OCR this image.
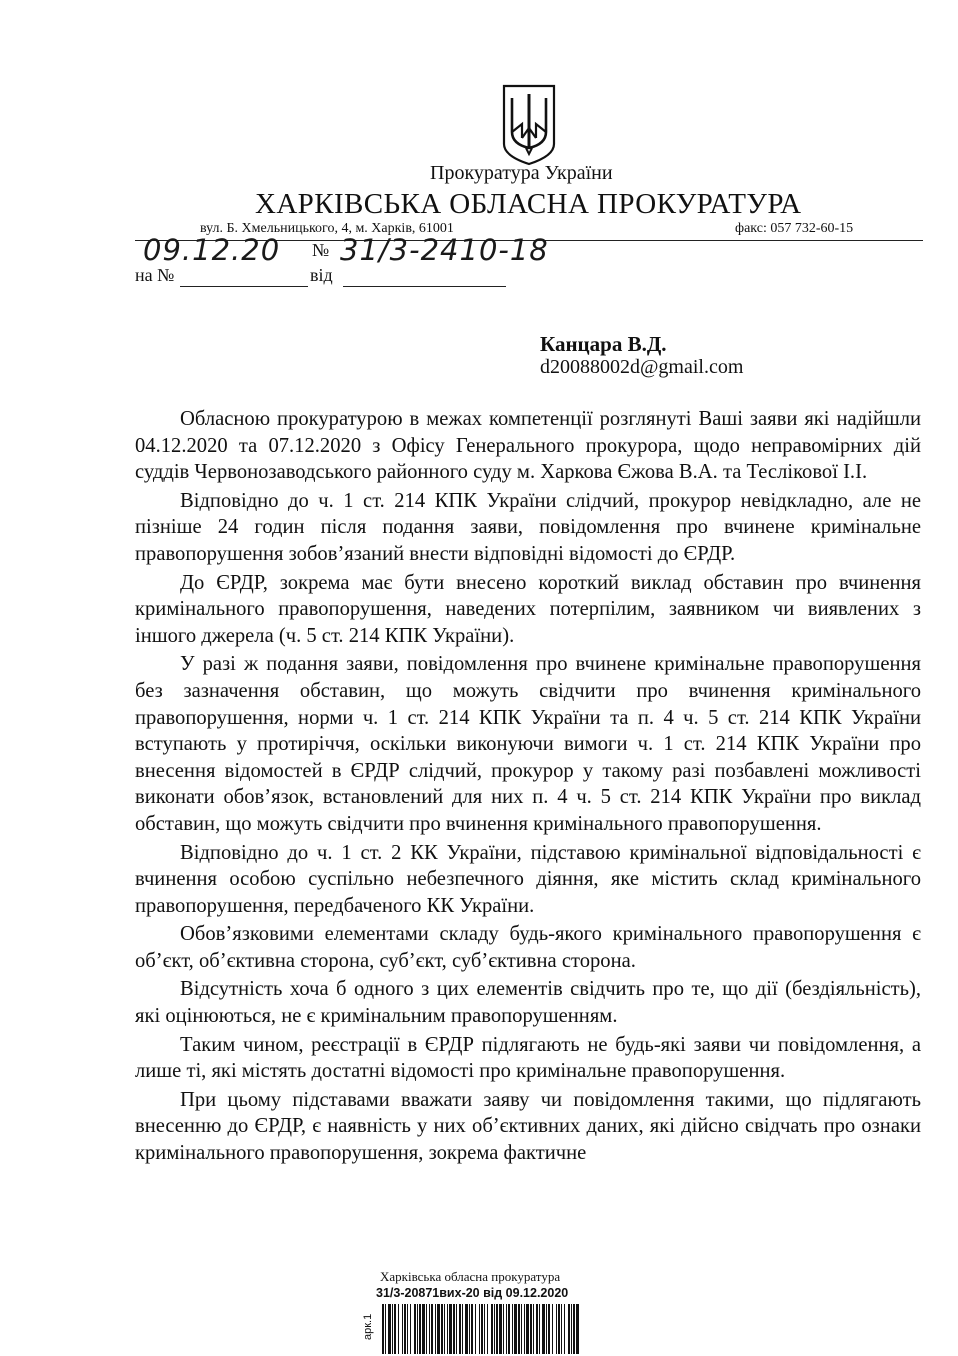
Прокуратура України
ХАРКІВСЬКА ОБЛАСНА ПРОКУРАТУРА
вул. Б. Хмельницького, 4, м. Харків, 61001	факс: 057 732-60-15
09.12.20 № 31/3-2410-18
на №	від
Канцара В.Д.
d20088002d@gmail.com

Обласною прокуратурою в межах компетенції розглянуті Ваші заяви які надійшли 04.12.2020 та 07.12.2020 з Офісу Генерального прокурора, щодо неправомірних дій суддів Червонозаводського районного суду м. Харкова Єжова В.А. та Теслікової І.І.

Відповідно до ч. 1 ст. 214 КПК України слідчий, прокурор невідкладно, але не пізніше 24 годин після подання заяви, повідомлення про вчинене кримінальне правопорушення зобов’язаний внести відповідні відомості до ЄРДР.

До ЄРДР, зокрема має бути внесено короткий виклад обставин про вчинення кримінального правопорушення, наведених потерпілим, заявником чи виявлених з іншого джерела (ч. 5 ст. 214 КПК України).

У разі ж подання заяви, повідомлення про вчинене кримінальне правопорушення без зазначення обставин, що можуть свідчити про вчинення кримінального правопорушення, норми ч. 1 ст. 214 КПК України та п. 4 ч. 5 ст. 214 КПК України вступають у протиріччя, оскільки виконуючи вимоги ч. 1 ст. 214 КПК України про внесення відомостей в ЄРДР слідчий, прокурор у такому разі позбавлені можливості виконати обов’язок, встановлений для них п. 4 ч. 5 ст. 214 КПК України про виклад обставин, що можуть свідчити про вчинення кримінального правопорушення.

Відповідно до ч. 1 ст. 2 КК України, підставою кримінальної відповідальності є вчинення особою суспільно небезпечного діяння, яке містить склад кримінального правопорушення, передбаченого КК України.

Обов’язковими елементами складу будь-якого кримінального правопорушення є об’єкт, об’єктивна сторона, суб’єкт, суб’єктивна сторона.

Відсутність хоча б одного з цих елементів свідчить про те, що дії (бездіяльність), які оцінюються, не є кримінальним правопорушенням.

Таким чином, реєстрації в ЄРДР підлягають не будь-які заяви чи повідомлення, а лише ті, які містять достатні відомості про кримінальне правопорушення.

При цьому підставами вважати заяву чи повідомлення такими, що підлягають внесенню до ЄРДР, є наявність у них об’єктивних даних, які дійсно свідчать про ознаки кримінального правопорушення, зокрема фактичне

Харківська обласна прокуратура
31/3-20871вих-20 від 09.12.2020
арк.1
